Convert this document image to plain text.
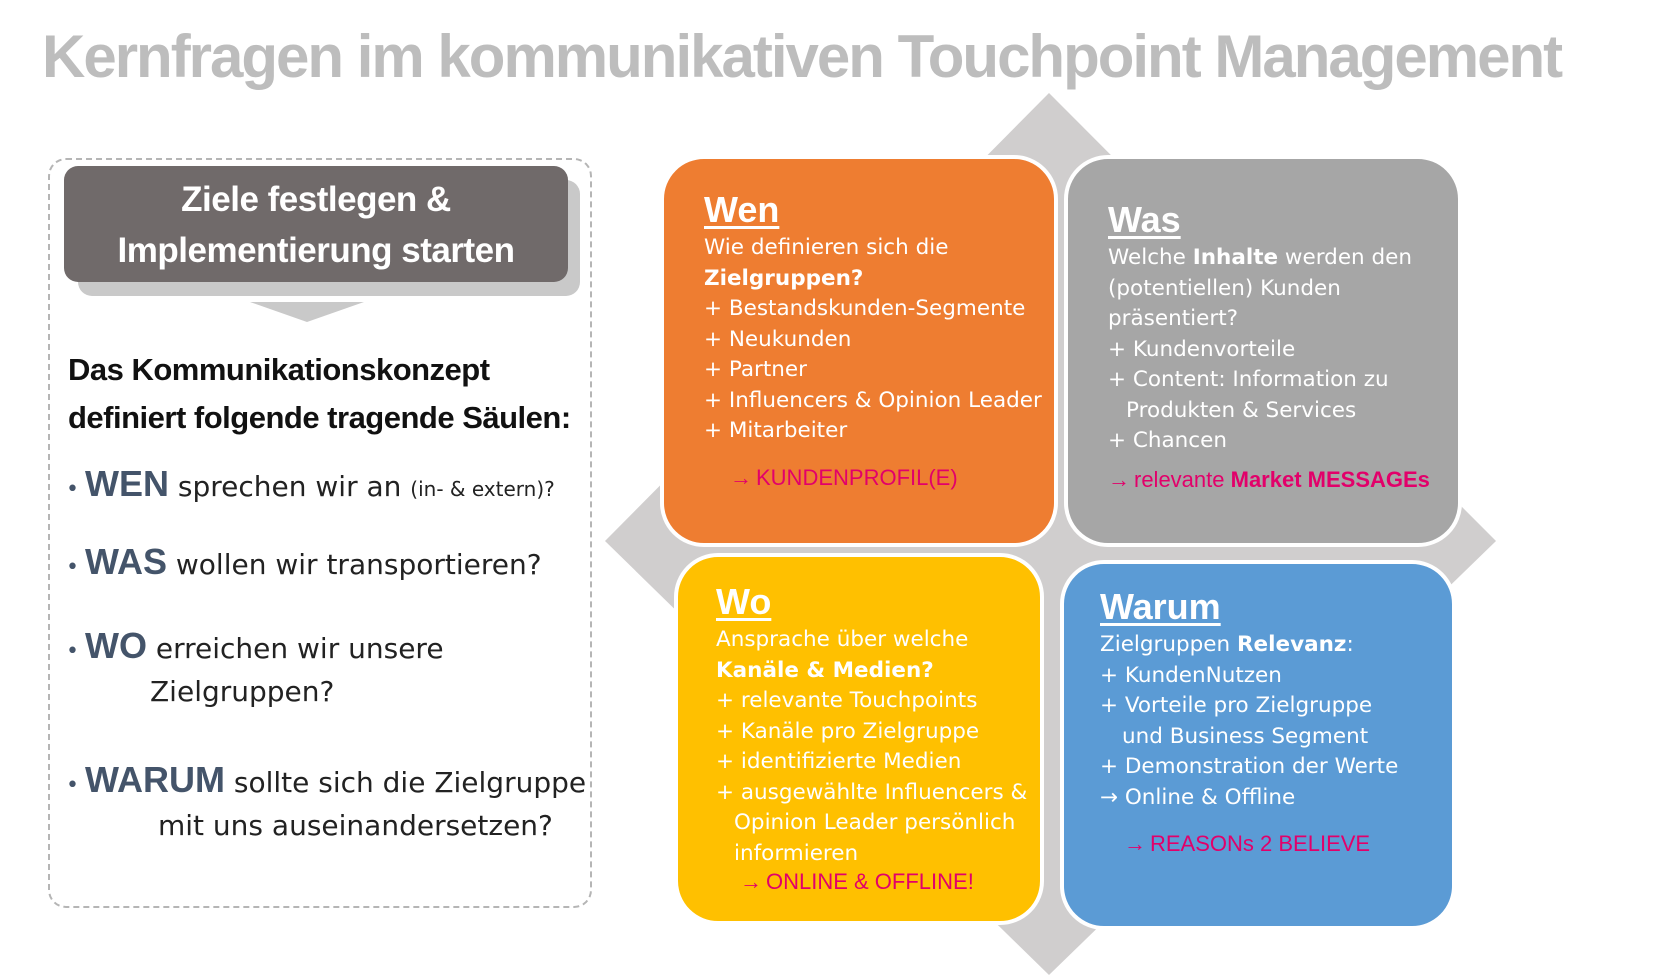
Kernfragen im kommunikativen Touchpoint Management
Ziele festlegen &
Implementierung starten
Das Kommunikationskonzept
definiert folgende tragende Säulen:
• WEN sprechen wir an (in- & extern)?
• WAS wollen wir transportieren?
• WO erreichen wir unsere
Zielgruppen?
• WARUM sollte sich die Zielgruppe
mit uns auseinandersetzen?
Wen
Wie definieren sich die
Zielgruppen?
+ Bestandskunden-Segmente
+ Neukunden
+ Partner
+ Influencers & Opinion Leader
+ Mitarbeiter
→ KUNDENPROFIL(E)
Was
Welche Inhalte werden den
(potentiellen) Kunden
präsentiert?
+ Kundenvorteile
+ Content: Information zu
Produkten & Services
+ Chancen
→ relevante Market MESSAGEs
Wo
Ansprache über welche
Kanäle & Medien?
+ relevante Touchpoints
+ Kanäle pro Zielgruppe
+ identifizierte Medien
+ ausgewählte Influencers &
Opinion Leader persönlich
informieren
→ ONLINE & OFFLINE!
Warum
Zielgruppen Relevanz:
+ KundenNutzen
+ Vorteile pro Zielgruppe
und Business Segment
+ Demonstration der Werte
→ Online & Offline
→ REASONs 2 BELIEVE
